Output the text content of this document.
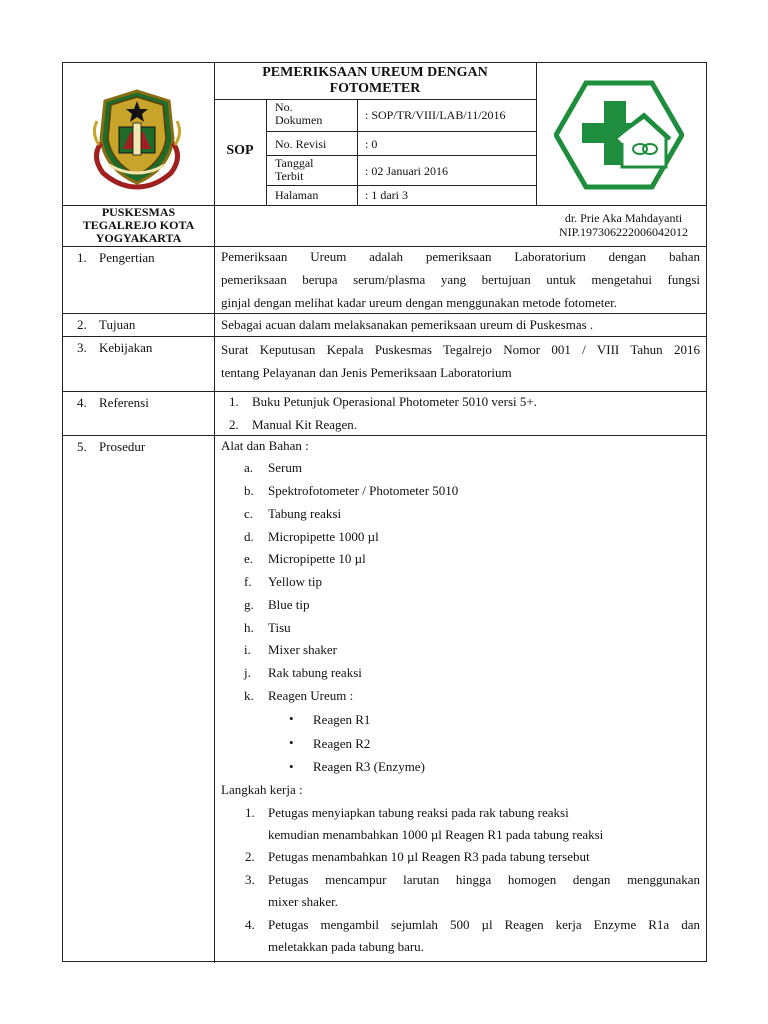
PEMERIKSAAN UREUM DENGAN
FOTOMETER
SOP
No.
Dokumen	: SOP/TR/VIII/LAB/11/2016
No. Revisi	: 0
Tanggal
Terbit	: 02 Januari 2016
Halaman	: 1 dari 3
PUSKESMAS
TEGALREJO KOTA
YOGYAKARTA
dr. Prie Aka Mahdayanti
NIP.197306222006042012
1. Pengertian	Pemeriksaan Ureum adalah pemeriksaan Laboratorium dengan bahan
pemeriksaan berupa serum/plasma yang bertujuan untuk mengetahui fungsi
ginjal dengan melihat kadar ureum dengan menggunakan metode fotometer.
2. Tujuan	Sebagai acuan dalam melaksanakan pemeriksaan ureum di Puskesmas .
3. Kebijakan	Surat Keputusan Kepala Puskesmas Tegalrejo Nomor 001 / VIII Tahun 2016
tentang Pelayanan dan Jenis Pemeriksaan Laboratorium
4. Referensi	1. Buku Petunjuk Operasional Photometer 5010 versi 5+.
2. Manual Kit Reagen.
5. Prosedur	Alat dan Bahan :
a. Serum
b. Spektrofotometer / Photometer 5010
c. Tabung reaksi
d. Micropipette 1000 µl
e. Micropipette 10 µl
f. Yellow tip
g. Blue tip
h. Tisu
i. Mixer shaker
j. Rak tabung reaksi
k. Reagen Ureum :
• Reagen R1
• Reagen R2
• Reagen R3 (Enzyme)
Langkah kerja :
1. Petugas menyiapkan tabung reaksi pada rak tabung reaksi
kemudian menambahkan 1000 µl Reagen R1 pada tabung reaksi
2. Petugas menambahkan 10 µl Reagen R3 pada tabung tersebut
3. Petugas mencampur larutan hingga homogen dengan menggunakan
mixer shaker.
4. Petugas mengambil sejumlah 500 µl Reagen kerja Enzyme R1a dan
meletakkan pada tabung baru.
